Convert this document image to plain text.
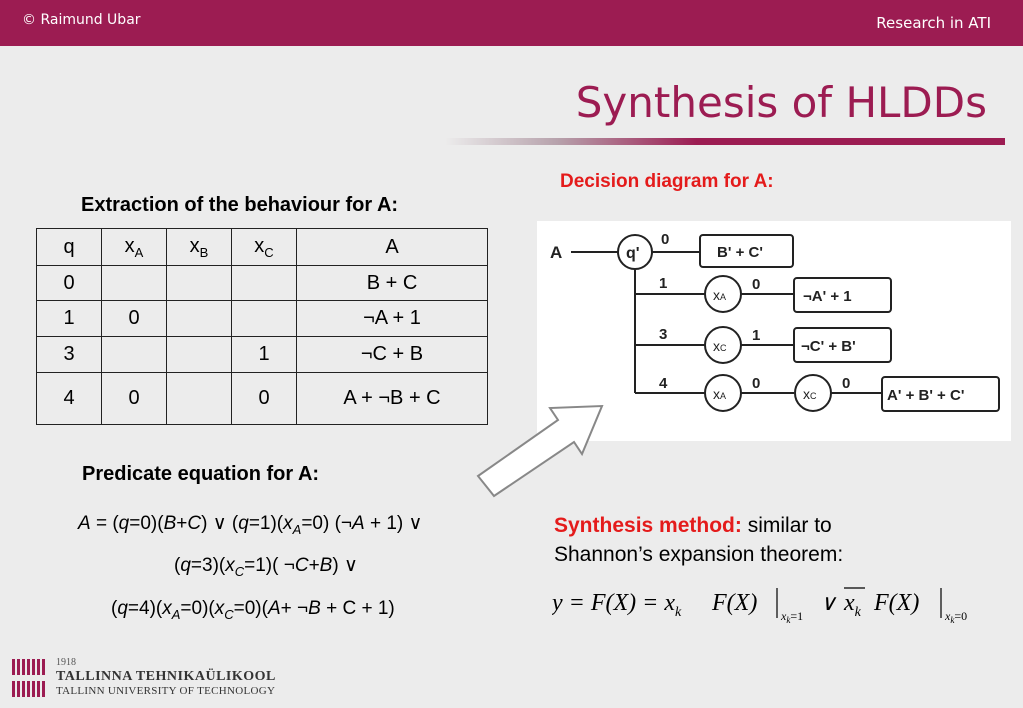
© Raimund Ubar	Research in ATI
Synthesis of HLDDs
Extraction of the behaviour for A:
q	$x_A$	$x_B$	$x_C$	A
0				B + C
1	0			¬A + 1
3			1	¬C + B
4	0		0	A + ¬B + C
Decision diagram for A:
A	q'
0
1
3
4
xA
xC
xA	xC
0
1
0	0
B' + C'
¬A' + 1
¬C' + B'
A' + B' + C'
Predicate equation for A:
A = (q=0)(B+C) ∨ $(q=1)(x_A=0)$ (¬A + 1) ∨
$(q=3)(x_C=1)$( ¬C+B) ∨
$(q=4)(x_A=0)(x_C=0)(A+$ ¬B + C + 1)
Synthesis method: similar to
Shannon’s expansion theorem:
$y = F(X) = x_k$ F(X) $x_k=1$
∨ $x_k$ F(X) $x_k=0$
1918
TALLINNA TEHNIKAÜLIKOOL
TALLINN UNIVERSITY OF TECHNOLOGY
